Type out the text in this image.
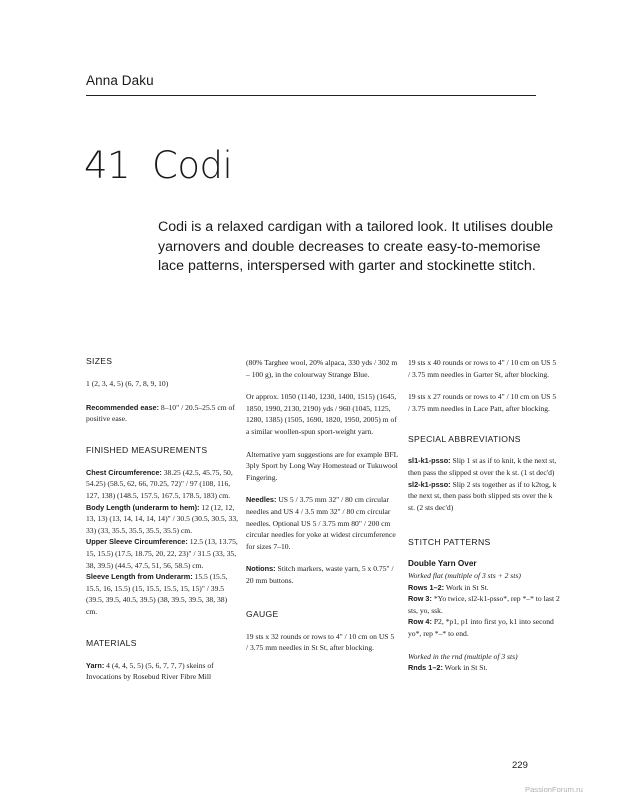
Anna Daku
41 Codi
Codi is a relaxed cardigan with a tailored look. It utilises double yarnovers and double decreases to create easy-to-memorise lace patterns, interspersed with garter and stockinette stitch.

SIZES

1 (2, 3, 4, 5) (6, 7, 8, 9, 10)

Recommended ease: 8–10" / 20.5–25.5 cm of positive ease.

FINISHED MEASUREMENTS

Chest Circumference: 38.25 (42.5, 45.75, 50, 54.25) (58.5, 62, 66, 70.25, 72)" / 97 (108, 116, 127, 138) (148.5, 157.5, 167.5, 178.5, 183) cm.

Body Length (underarm to hem): 12 (12, 12, 13, 13) (13, 14, 14, 14, 14)" / 30.5 (30.5, 30.5, 33, 33) (33, 35.5, 35.5, 35.5, 35.5) cm.

Upper Sleeve Circumference: 12.5 (13, 13.75, 15, 15.5) (17.5, 18.75, 20, 22, 23)" / 31.5 (33, 35, 38, 39.5) (44.5, 47.5, 51, 56, 58.5) cm.

Sleeve Length from Underarm: 15.5 (15.5, 15.5, 16, 15.5) (15, 15.5, 15.5, 15, 15)" / 39.5 (39.5, 39.5, 40.5, 39.5) (38, 39.5, 39.5, 38, 38) cm.

MATERIALS

Yarn: 4 (4, 4, 5, 5) (5, 6, 7, 7, 7) skeins of Invocations by Rosebud River Fibre Mill

(80% Targhee wool, 20% alpaca, 330 yds / 302 m – 100 g), in the colourway Strange Blue.

Or approx. 1050 (1140, 1230, 1400, 1515) (1645, 1850, 1990, 2130, 2190) yds / 960 (1045, 1125, 1280, 1385) (1505, 1690, 1820, 1950, 2005) m of a similar woollen-spun sport-weight yarn.

Alternative yarn suggestions are for example BFL 3ply Sport by Long Way Homestead or Tukuwool Fingering.

Needles: US 5 / 3.75 mm 32" / 80 cm circular needles and US 4 / 3.5 mm 32" / 80 cm circular needles. Optional US 5 / 3.75 mm 80" / 200 cm circular needles for yoke at widest circumference for sizes 7–10.

Notions: Stitch markers, waste yarn, 5 x 0.75" / 20 mm buttons.

GAUGE

19 sts x 32 rounds or rows to 4" / 10 cm on US 5 / 3.75 mm needles in St St, after blocking.

19 sts x 40 rounds or rows to 4" / 10 cm on US 5 / 3.75 mm needles in Garter St, after blocking.

19 sts x 27 rounds or rows to 4" / 10 cm on US 5 / 3.75 mm needles in Lace Patt, after blocking.

SPECIAL ABBREVIATIONS

sl1-k1-psso: Slip 1 st as if to knit, k the next st, then pass the slipped st over the k st. (1 st dec'd)

sl2-k1-psso: Slip 2 sts together as if to k2tog, k the next st, then pass both slipped sts over the k st. (2 sts dec'd)

STITCH PATTERNS

Double Yarn Over

Worked flat (multiple of 3 sts + 2 sts)

Rows 1–2: Work in St St.

Row 3: *Yo twice, sl2-k1-psso*, rep *–* to last 2 sts, yo, ssk.

Row 4: P2, *p1, p1 into first yo, k1 into second yo*, rep *–* to end.

Worked in the rnd (multiple of 3 sts)

Rnds 1–2: Work in St St.

229
PassionForum.ru
